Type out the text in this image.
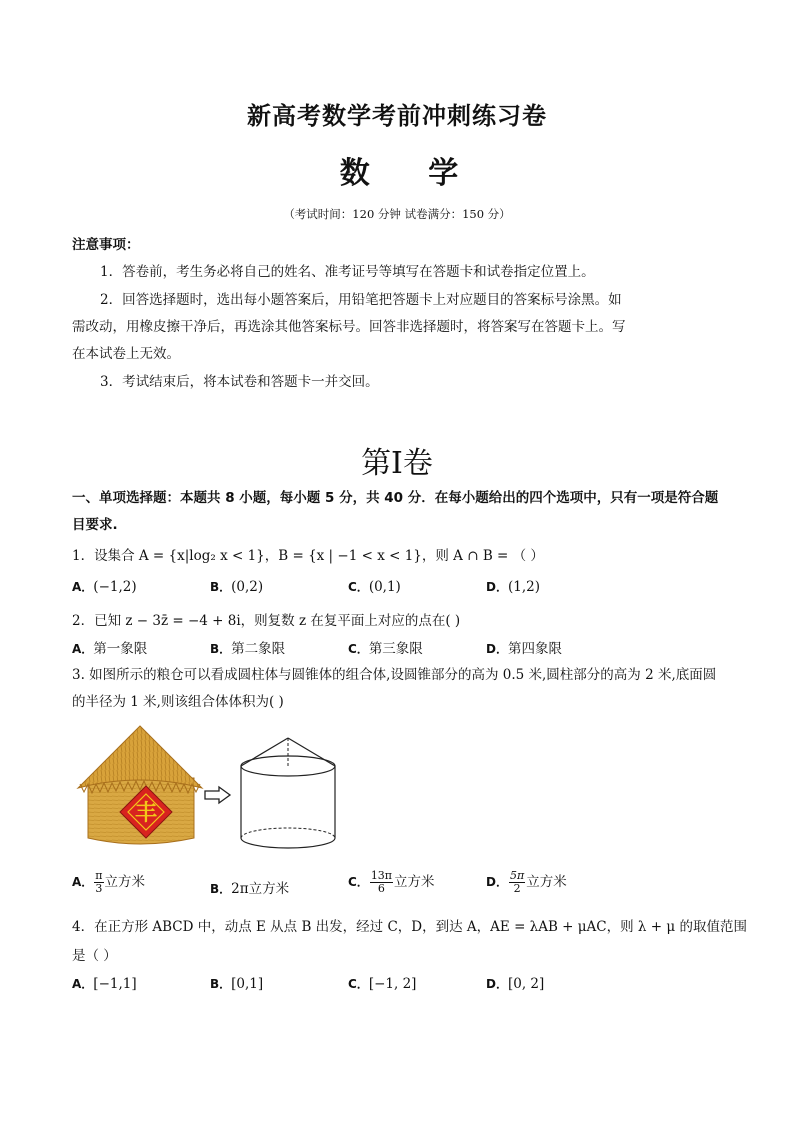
新高考数学考前冲刺练习卷
数 学
（考试时间：120 分钟 试卷满分：150 分）
注意事项：
1．答卷前，考生务必将自己的姓名、准考证号等填写在答题卡和试卷指定位置上。
2．回答选择题时，选出每小题答案后，用铅笔把答题卡上对应题目的答案标号涂黑。如
需改动，用橡皮擦干净后，再选涂其他答案标号。回答非选择题时，将答案写在答题卡上。写
在本试卷上无效。
3．考试结束后，将本试卷和答题卡一并交回。
第Ⅰ卷
一、单项选择题：本题共 8 小题，每小题 5 分，共 40 分．在每小题给出的四个选项中，只有一项是符合题
目要求.
1．设集合 A = {x|log₂ x < 1}，B = {x | −1 < x < 1}，则 A ∩ B = （ ）
A．(−1,2)	B．(0,2)	C．(0,1)	D．(1,2)
2．已知 z − 3z̄ = −4 + 8i，则复数 z 在复平面上对应的点在( )
A．第一象限	B．第二象限	C．第三象限	D．第四象限
3. 如图所示的粮仓可以看成圆柱体与圆锥体的组合体,设圆锥部分的高为 0.5 米,圆柱部分的高为 2 米,底面圆
的半径为 1 米,则该组合体体积为( )
丰
A． $\frac{\pi}{3}$ 立方米	B．2π立方米	C． $\frac{13\pi}{6}$ 立方米	D． $\frac{5\pi}{2}$ 立方米
4．在正方形 ABCD 中，动点 E 从点 B 出发，经过 C，D，到达 A，AE = λAB + μAC，则 λ + μ 的取值范围
是（ ）
A．[−1,1]	B．[0,1]	C．[−1, 2]	D．[0, 2]
